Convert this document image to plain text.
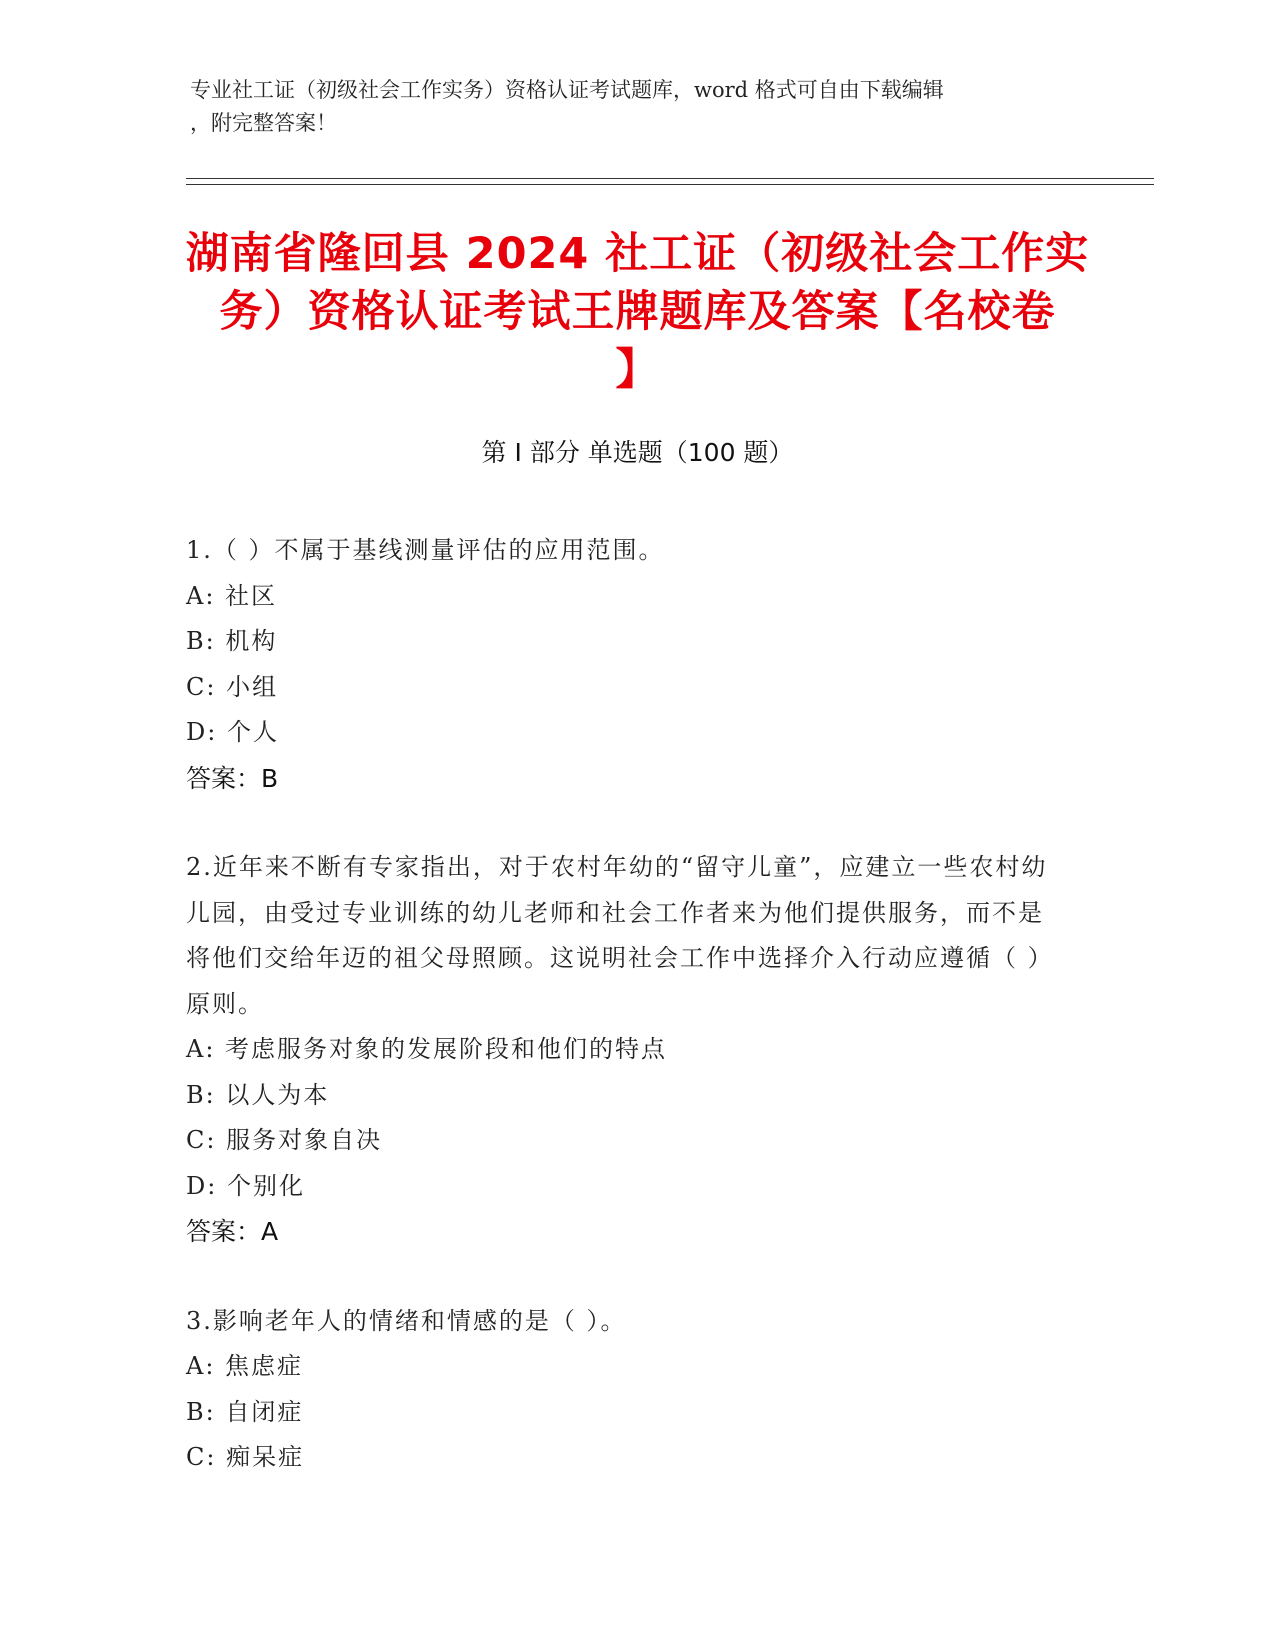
专业社工证（初级社会工作实务）资格认证考试题库，word 格式可自由下载编辑
，附完整答案！
湖南省隆回县 2024 社工证（初级社会工作实
务）资格认证考试王牌题库及答案【名校卷
】
第 I 部分 单选题（100 题）
1.（ ）不属于基线测量评估的应用范围。
A: 社区
B: 机构
C: 小组
D: 个人
答案：B
2.近年来不断有专家指出，对于农村年幼的“留守儿童”，应建立一些农村幼儿园，由受过专业训练的幼儿老师和社会工作者来为他们提供服务，而不是将他们交给年迈的祖父母照顾。这说明社会工作中选择介入行动应遵循（ ）原则。
A: 考虑服务对象的发展阶段和他们的特点
B: 以人为本
C: 服务对象自决
D: 个别化
答案：A
3.影响老年人的情绪和情感的是（ ）。
A: 焦虑症
B: 自闭症
C: 痴呆症
